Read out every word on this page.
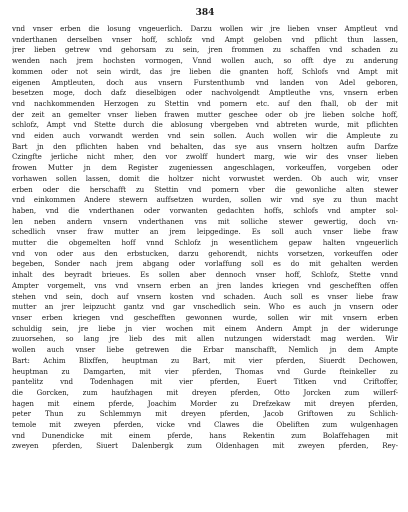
384
vnd vnser erben die losung vngeuerlich. Darzu wollen wir jre lieben vnser Amptleut vnd
vnderthanen derselben vnser hoff, schlofz vnd Ampt geloben vnd pflicht thun lassen,
jrer lieben getrew vnd gehorsam zu sein, jren frommen zu schaffen vnd schaden zu
wenden nach jrem hochsten vormogen, Vnnd wollen auch, so offt dye zu anderung
kommen oder not sein wirdt, das jre lieben die gnanten hoff, Schlofs vnd Ampt mit
eigenen Amptleuten, doch aus vnsern Furstenthumb vnd landen von Adel geboren,
besetzen moge, doch dafz dieselbigen oder nachvolgendt Amptleuthe vns, vnsern erben
vnd nachkommenden Herzogen zu Stettin vnd pomern etc. auf den fhall, ob der mit
der zeit an gemelter vnser lieben frawen mutter geschee oder ob jre lieben solche hoff,
schlofz, Ampt vnd Stette durch die ablosung vbergeben vnd abtreten wurde, mit pflichten
vnd eiden auch vorwandt werden vnd sein sollen. Auch wollen wir die Ampleute zu
Bart jn den pflichten haben vnd behalten, das sye aus vnsern holtzen aufm Darfze
Czingfte jerliche nicht mher, den vor zwolff hundert marg, wie wir des vnser lieben
frowen Mutter jn dem Register zugeniessen angeschlagen, vorkeuffen, vorgeben oder
vorhawen sollen lassen, domit die holtzer nicht vorwustet werden. Ob auch wir, vnser
erben oder die herschafft zu Stettin vnd pomern vber die gewonliche alten stewer
vnd einkommen Andere stewern auffsetzen wurden, sollen wir vnd sye zu thun macht
haben, vnd die vnderthanen oder vorwanten gedachten hoffs, schlofs vnd ampter sol-
len neben andern vnsern vnderthanen vns mit solliche stewer gewertig, doch vn-
schedlich vnser fraw mutter an jrem leipgedinge. Es soll auch vnser liebe fraw
mutter die obgemelten hoff vnnd Schlofz jn wesentlichem gepaw halten vngeuerlich
vnd von oder aus den erbstucken, darzu gehorendt, nichts vorsetzen, vorkeuffen oder
begeben, Sonder nach jrem abgang oder vorlaffung soll es do mit gehalten werden
inhalt des beyradt brieues. Es sollen aber dennoch vnser hoff, Schlofz, Stette vnnd
Ampter vorgemelt, vns vnd vnsern erben an jren landes kriegen vnd geschefften offen
stehen vnd sein, doch auf vnsern kosten vnd schaden. Auch soll es vnser liebe fraw
mutter an jrer leipzucht gantz vnd gar vnschedlich sein. Who es auch jn vnsern oder
vnser erben kriegen vnd geschefften gewonnen wurde, sollen wir mit vnsern erben
schuldig sein, jre liebe jn vier wochen mit einem Andern Ampt jn der widerunge
zuuorsehen, so lang jre lieb des mit allen nutzungen widerstadt mag werden. Wir
wollen auch vnser liebe getrewen die Erbar manschafft, Nemlich jn dem Ampte
Bart: Achim Blixffen, heuptman zu Bart, mit vier pferden, Siuerdt Dechowen,
heuptman zu Damgarten, mit vier pferden, Thomas vnd Gurde fteinkeller zu
pantelitz vnd Todenhagen mit vier pferden, Euert Titken vnd Criftoffer,
die Gorcken, zum haufzhagen mit dreyen pferden, Otto Jorcken zum willerf-
hagen mit einem pferde, Joachim Morder zu Drefzekaw mit dreyen pferden,
peter Thun zu Schlemmyn mit dreyen pferden, Jacob Griftowen zu Schlich-
temole mit zweyen pferden, vicke vnd Clawes die Obeliften zum wulgenhagen
vnd Dunendicke mit einem pferde, hans Rekentin zum Bolaffehagen mit
zweyen pferden, Siuert Dalenbergk zum Oldenhagen mit zweyen pferden, Rey-
